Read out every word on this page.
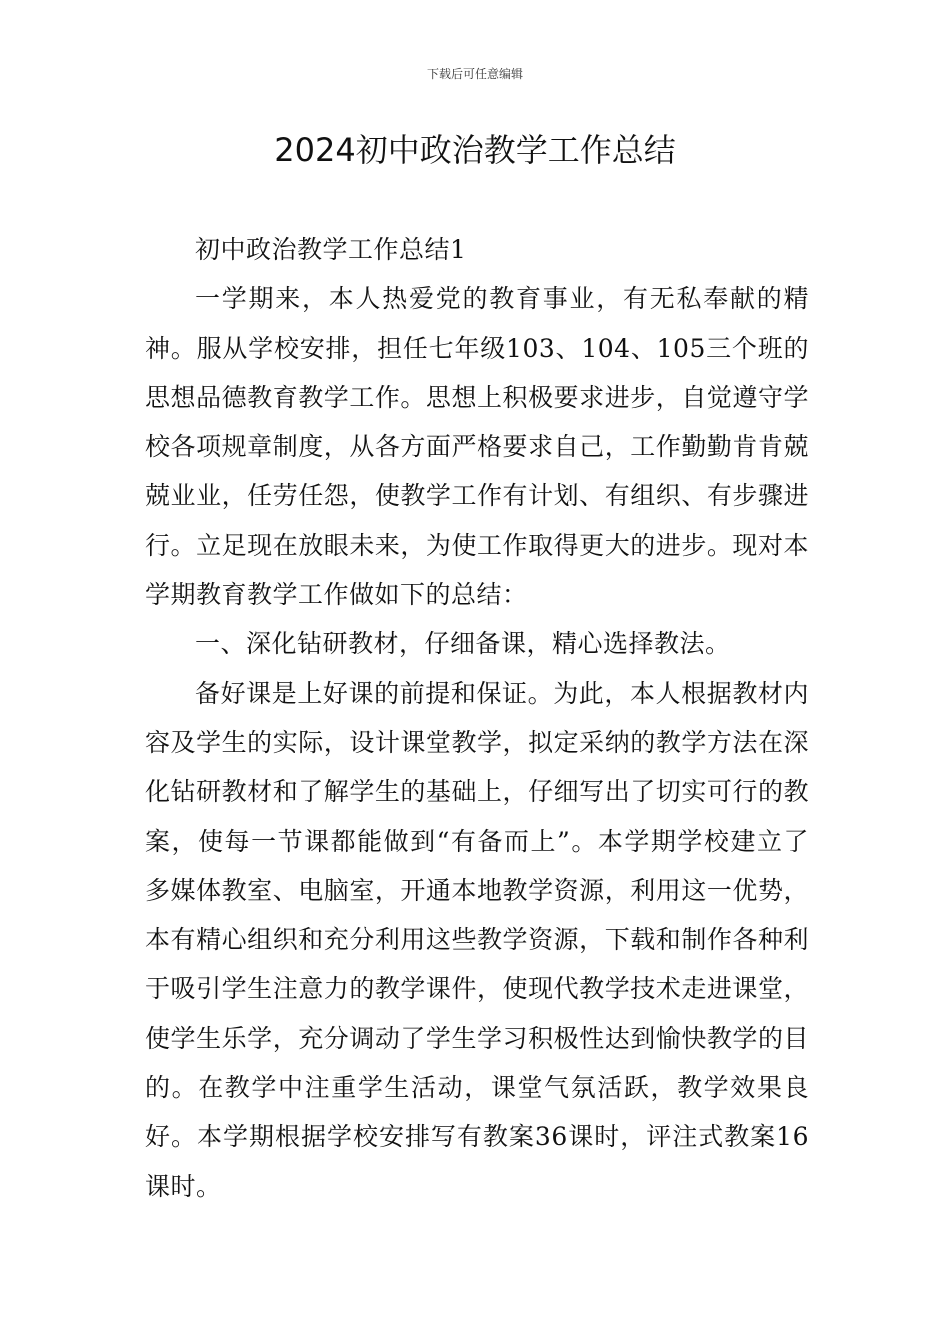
下载后可任意编辑
2024初中政治教学工作总结

初中政治教学工作总结1

一学期来，本人热爱党的教育事业，有无私奉献的精神。服从学校安排，担任七年级103、104、105三个班的思想品德教育教学工作。思想上积极要求进步，自觉遵守学校各项规章制度，从各方面严格要求自己，工作勤勤肯肯兢兢业业，任劳任怨，使教学工作有计划、有组织、有步骤进行。立足现在放眼未来，为使工作取得更大的进步。现对本学期教育教学工作做如下的总结：

一、深化钻研教材，仔细备课，精心选择教法。

备好课是上好课的前提和保证。为此，本人根据教材内容及学生的实际，设计课堂教学，拟定采纳的教学方法在深化钻研教材和了解学生的基础上，仔细写出了切实可行的教案，使每一节课都能做到“有备而上”。本学期学校建立了多媒体教室、电脑室，开通本地教学资源，利用这一优势，本有精心组织和充分利用这些教学资源，下载和制作各种利于吸引学生注意力的教学课件，使现代教学技术走进课堂，使学生乐学，充分调动了学生学习积极性达到愉快教学的目的。在教学中注重学生活动，课堂气氛活跃，教学效果良好。本学期根据学校安排写有教案36课时，评注式教案16课时。
